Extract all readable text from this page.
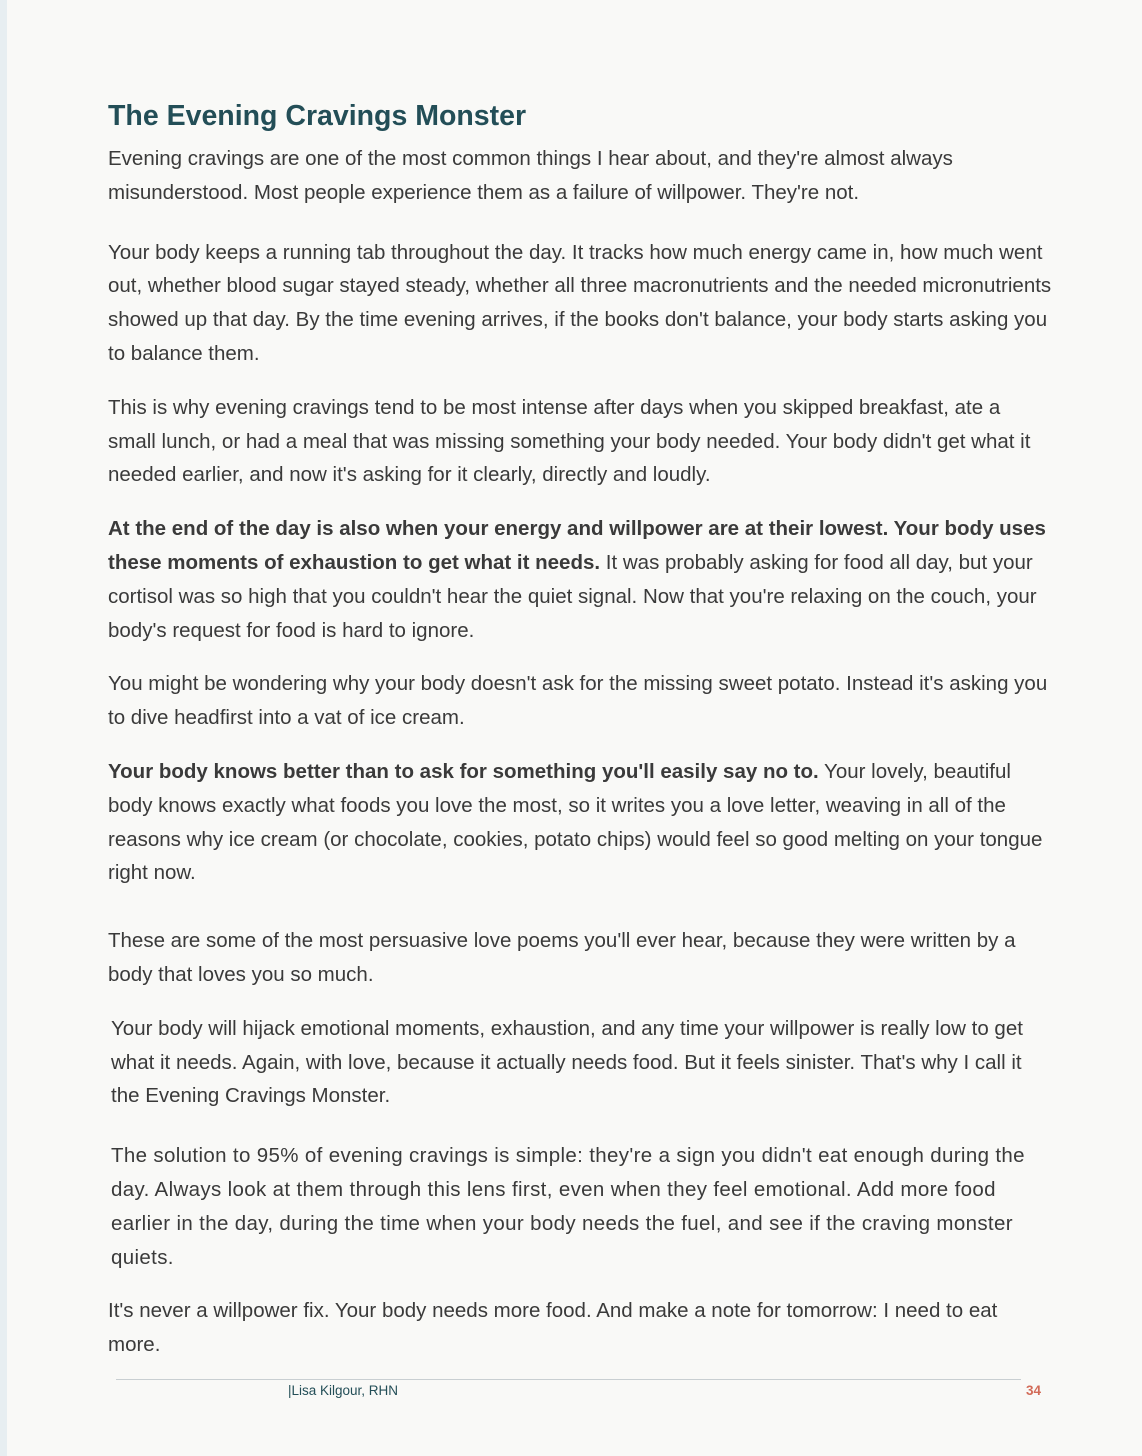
The Evening Cravings Monster

Evening cravings are one of the most common things I hear about, and they're almost always misunderstood. Most people experience them as a failure of willpower. They're not.

Your body keeps a running tab throughout the day. It tracks how much energy came in, how much went out, whether blood sugar stayed steady, whether all three macronutrients and the needed micronutrients showed up that day. By the time evening arrives, if the books don't balance, your body starts asking you to balance them.

This is why evening cravings tend to be most intense after days when you skipped breakfast, ate a small lunch, or had a meal that was missing something your body needed. Your body didn't get what it needed earlier, and now it's asking for it clearly, directly and loudly.

At the end of the day is also when your energy and willpower are at their lowest. Your body uses these moments of exhaustion to get what it needs. It was probably asking for food all day, but your cortisol was so high that you couldn't hear the quiet signal. Now that you're relaxing on the couch, your body's request for food is hard to ignore.

You might be wondering why your body doesn't ask for the missing sweet potato. Instead it's asking you to dive headfirst into a vat of ice cream.

Your body knows better than to ask for something you'll easily say no to. Your lovely, beautiful body knows exactly what foods you love the most, so it writes you a love letter, weaving in all of the reasons why ice cream (or chocolate, cookies, potato chips) would feel so good melting on your tongue right now.

These are some of the most persuasive love poems you'll ever hear, because they were written by a body that loves you so much.

Your body will hijack emotional moments, exhaustion, and any time your willpower is really low to get what it needs. Again, with love, because it actually needs food. But it feels sinister. That's why I call it the Evening Cravings Monster.

The solution to 95% of evening cravings is simple: they're a sign you didn't eat enough during the day. Always look at them through this lens first, even when they feel emotional. Add more food earlier in the day, during the time when your body needs the fuel, and see if the craving monster quiets.

It's never a willpower fix. Your body needs more food. And make a note for tomorrow: I need to eat more.

|Lisa Kilgour, RHN	34
